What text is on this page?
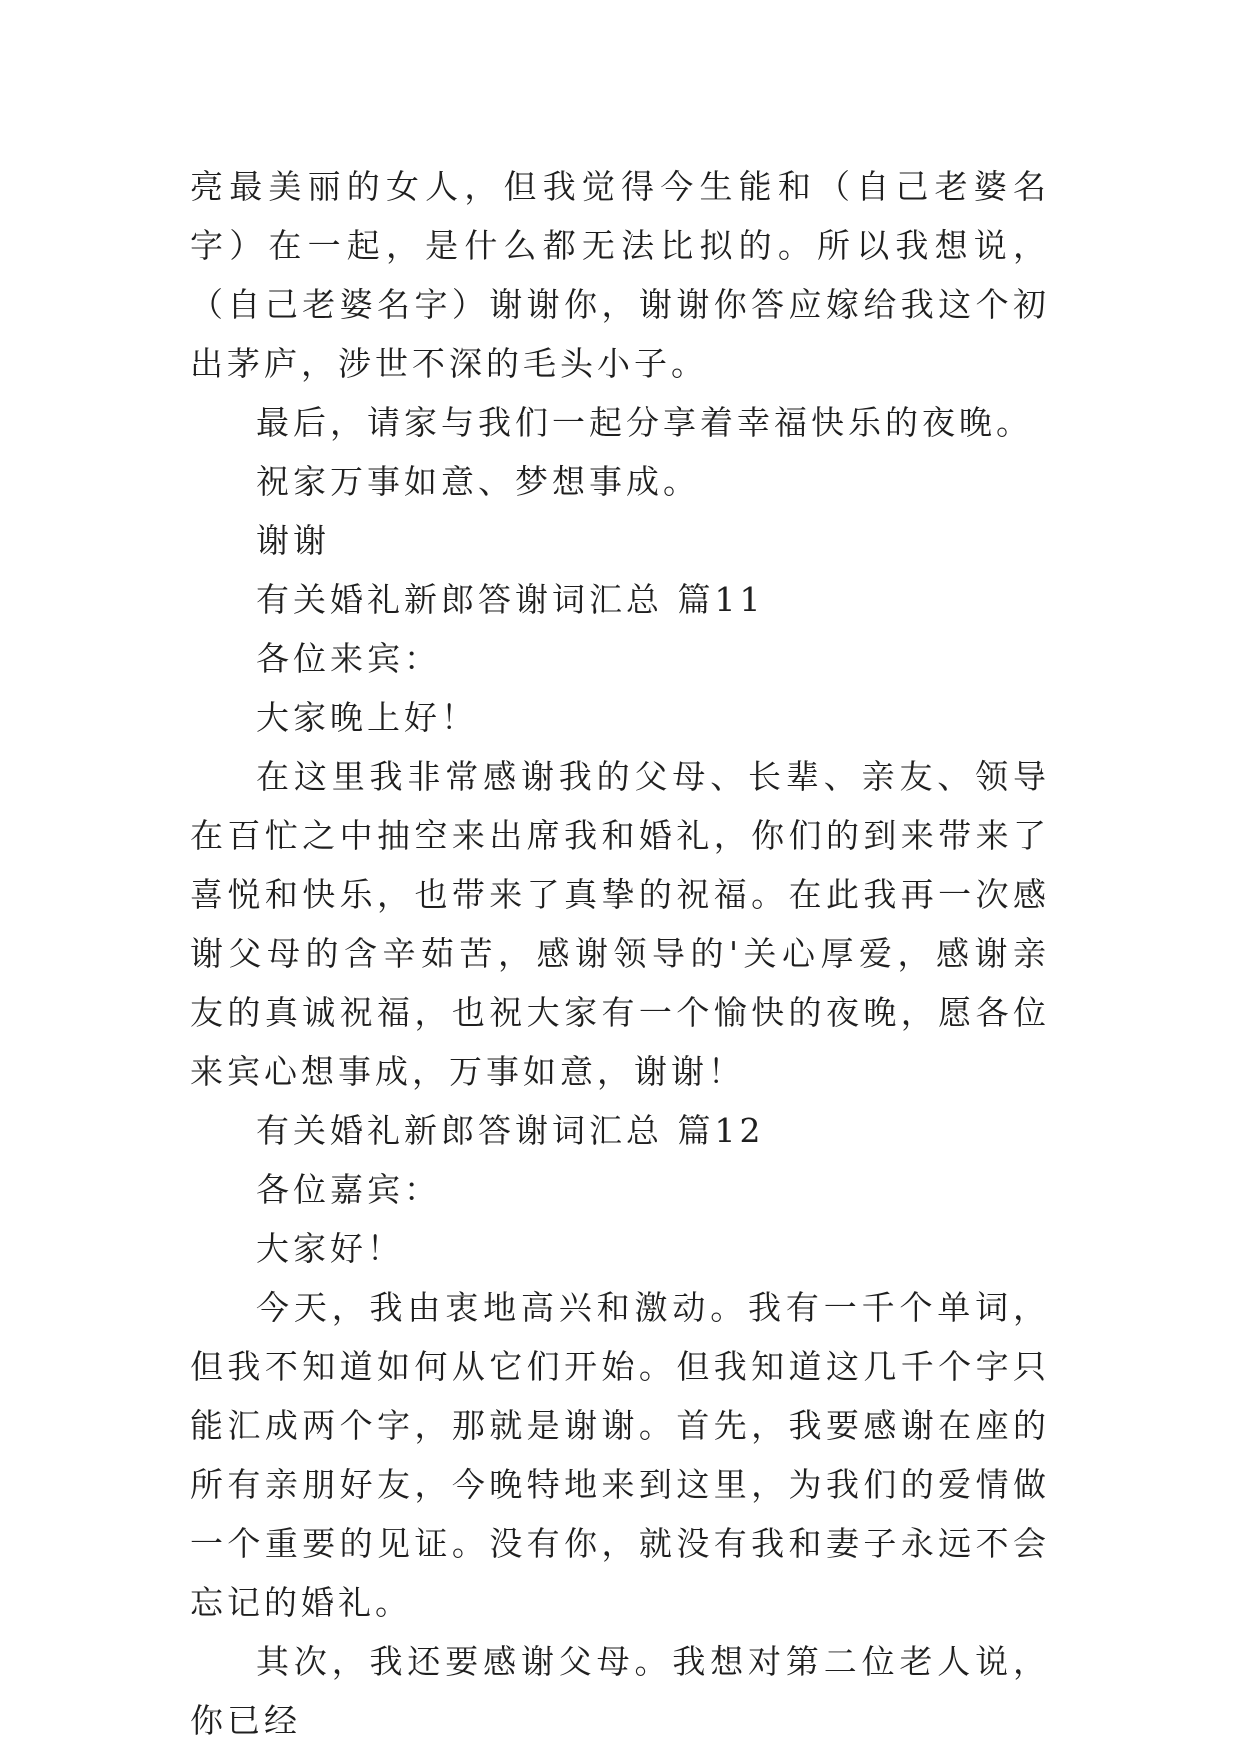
亮最美丽的女人，但我觉得今生能和（自己老婆名字）在一起，是什么都无法比拟的。所以我想说，（自己老婆名字）谢谢你，谢谢你答应嫁给我这个初出茅庐，涉世不深的毛头小子。

最后，请家与我们一起分享着幸福快乐的夜晚。

祝家万事如意、梦想事成。

谢谢

有关婚礼新郎答谢词汇总 篇11

各位来宾：

大家晚上好！

在这里我非常感谢我的父母、长辈、亲友、领导在百忙之中抽空来出席我和婚礼，你们的到来带来了喜悦和快乐，也带来了真挚的祝福。在此我再一次感谢父母的含辛茹苦，感谢领导的'关心厚爱，感谢亲友的真诚祝福，也祝大家有一个愉快的夜晚，愿各位来宾心想事成，万事如意，谢谢！

有关婚礼新郎答谢词汇总 篇12

各位嘉宾：

大家好！

今天，我由衷地高兴和激动。我有一千个单词，但我不知道如何从它们开始。但我知道这几千个字只能汇成两个字，那就是谢谢。首先，我要感谢在座的所有亲朋好友，今晚特地来到这里，为我们的爱情做一个重要的见证。没有你，就没有我和妻子永远不会忘记的婚礼。

其次，我还要感谢父母。我想对第二位老人说，你已经
